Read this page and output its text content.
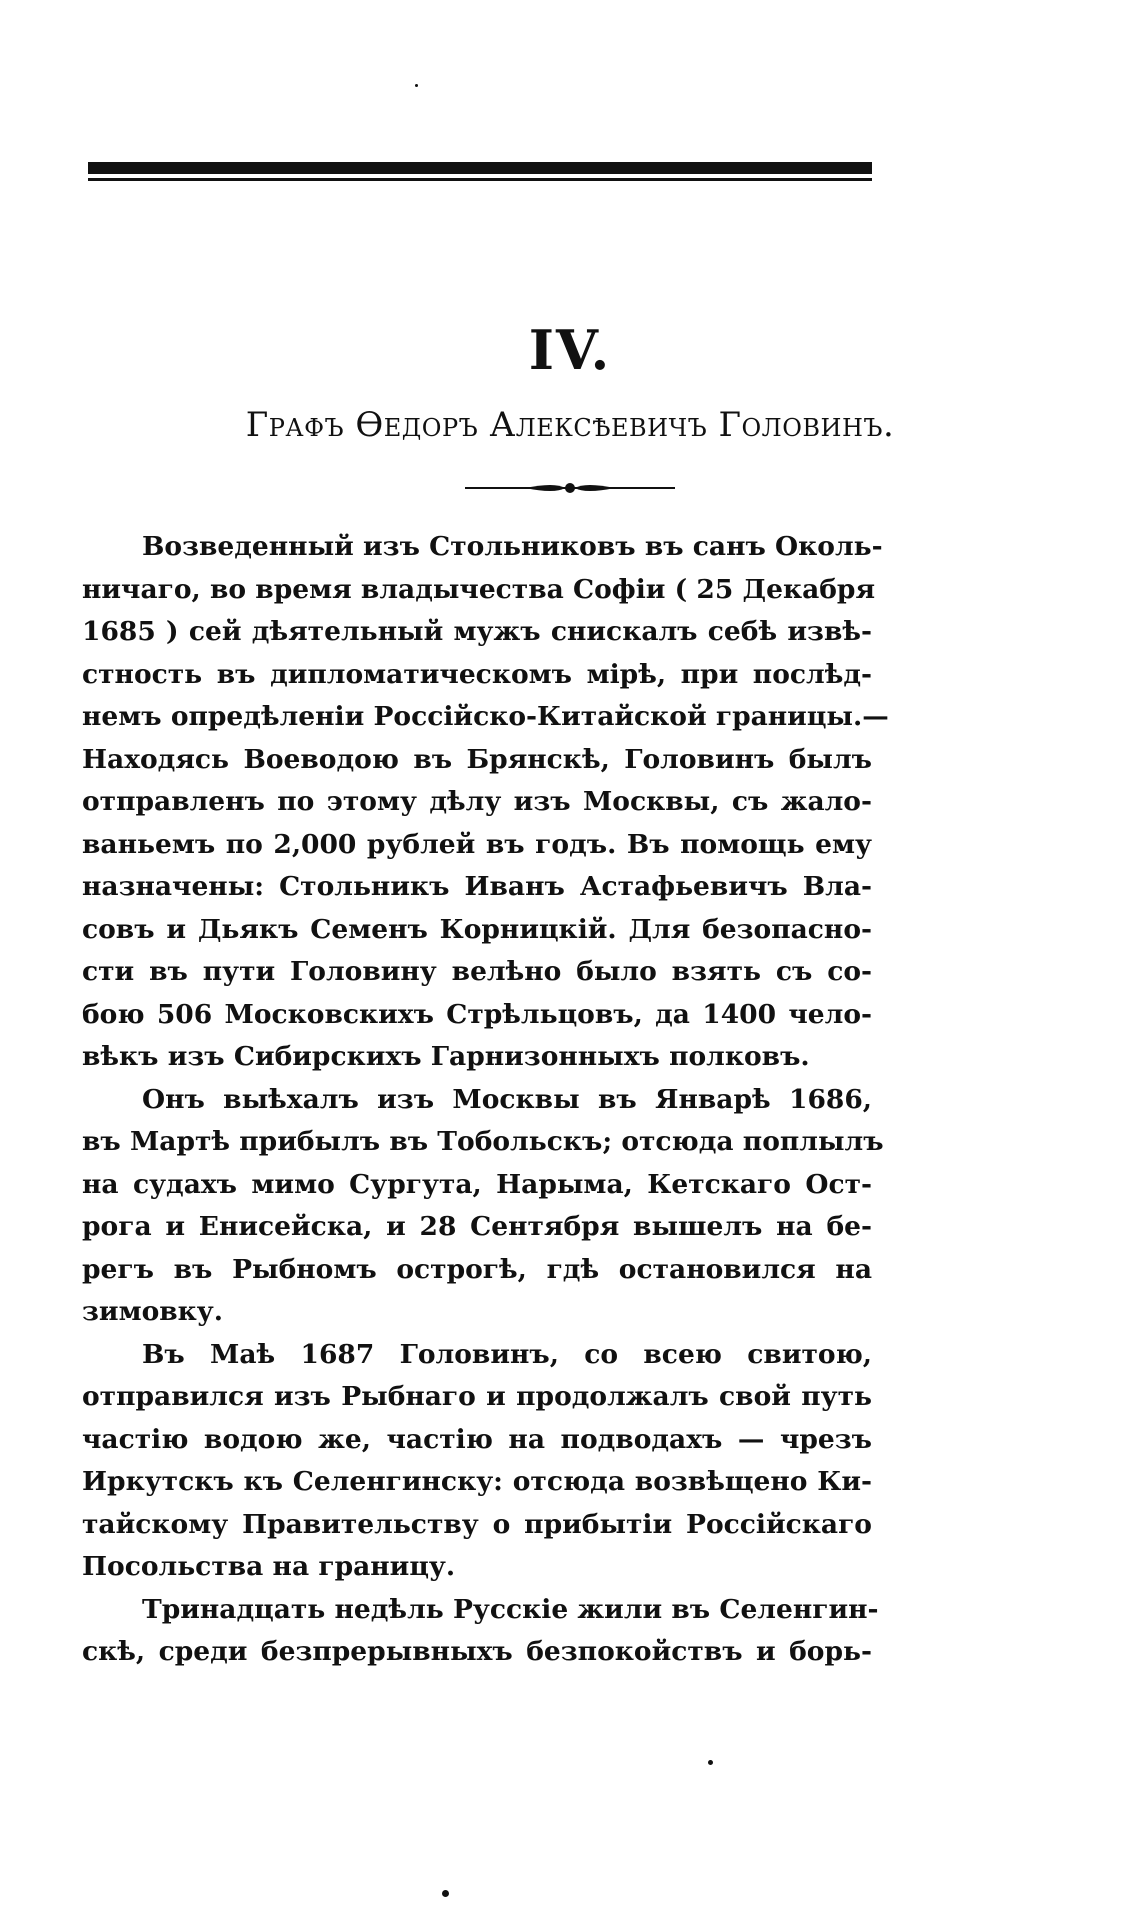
IV.
Графъ Ѳедоръ Алексѣевичъ Головинъ.

Возведенный изъ Стольниковъ въ санъ Околь-

ничаго, во время владычества Софіи ( 25 Декабря

1685 ) сей дѣятельный мужъ снискалъ себѣ извѣ-

стность въ дипломатическомъ мірѣ, при послѣд-

немъ опредѣленіи Россійско-Китайской границы.—

Находясь Воеводою въ Брянскѣ, Головинъ былъ

отправленъ по этому дѣлу изъ Москвы, съ жало-

ваньемъ по 2,000 рублей въ годъ. Въ помощь ему

назначены: Стольникъ Иванъ Астафьевичъ Вла-

совъ и Дьякъ Семенъ Корницкій. Для безопасно-

сти въ пути Головину велѣно было взять съ со-

бою 506 Московскихъ Стрѣльцовъ, да 1400 чело-

вѣкъ изъ Сибирскихъ Гарнизонныхъ полковъ.

Онъ выѣхалъ изъ Москвы въ Январѣ 1686,

въ Мартѣ прибылъ въ Тобольскъ; отсюда поплылъ

на судахъ мимо Сургута, Нарыма, Кетскаго Ост-

рога и Енисейска, и 28 Сентября вышелъ на бе-

регъ въ Рыбномъ острогѣ, гдѣ остановился на

зимовку.

Въ Маѣ 1687 Головинъ, со всею свитою,

отправился изъ Рыбнаго и продолжалъ свой путь

частію водою же, частію на подводахъ — чрезъ

Иркутскъ къ Селенгинску: отсюда возвѣщено Ки-

тайскому Правительству о прибытіи Россійскаго

Посольства на границу.

Тринадцать недѣль Русскіе жили въ Селенгин-

скѣ, среди безпрерывныхъ безпокойствъ и борь-
